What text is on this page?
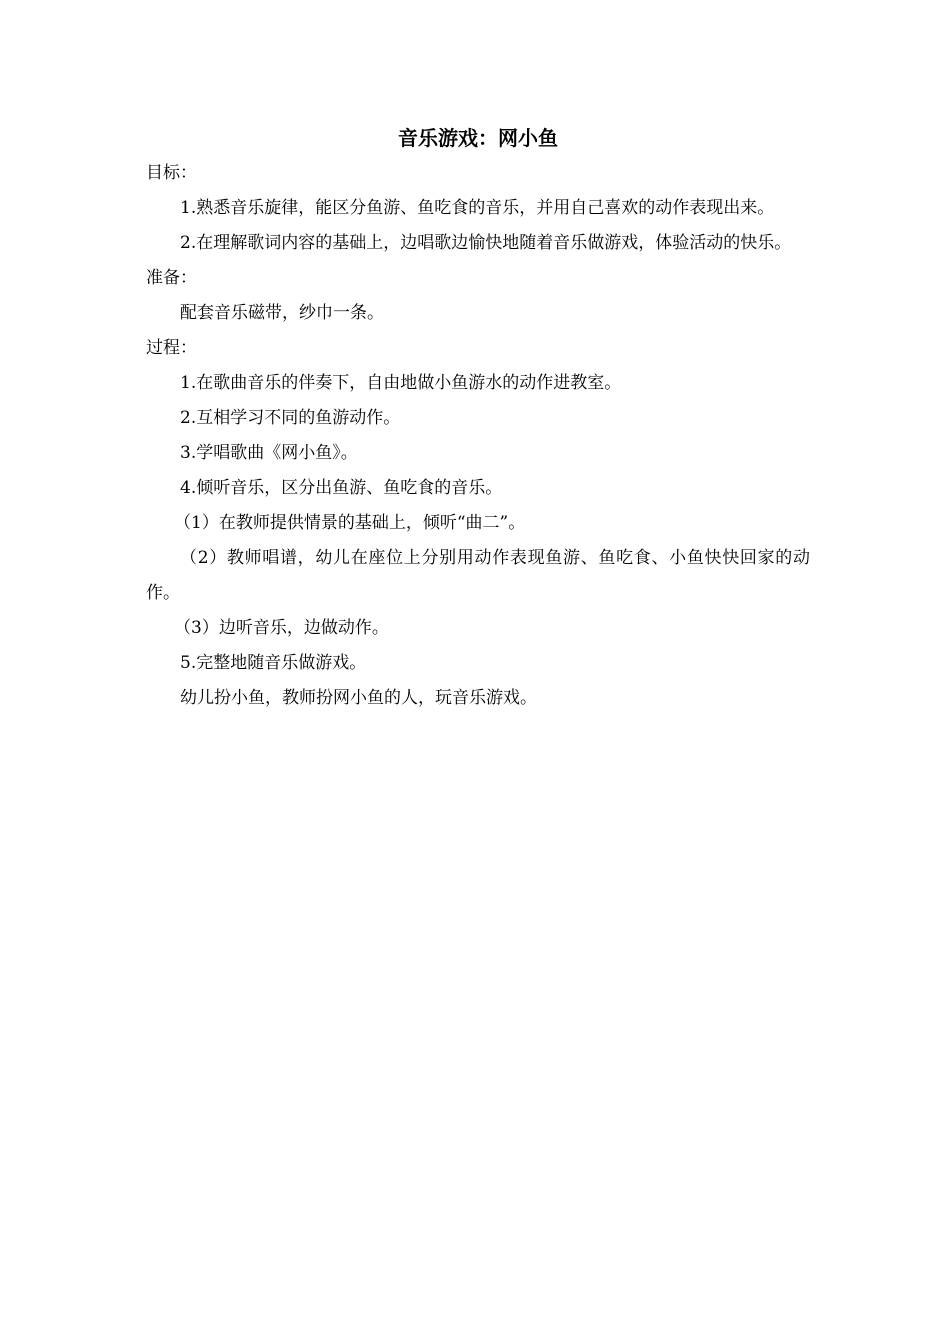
音乐游戏：网小鱼

目标：

1.熟悉音乐旋律，能区分鱼游、鱼吃食的音乐，并用自己喜欢的动作表现出来。

2.在理解歌词内容的基础上，边唱歌边愉快地随着音乐做游戏，体验活动的快乐。

准备：

配套音乐磁带，纱巾一条。

过程：

1.在歌曲音乐的伴奏下，自由地做小鱼游水的动作进教室。

2.互相学习不同的鱼游动作。

3.学唱歌曲《网小鱼》。

4.倾听音乐，区分出鱼游、鱼吃食的音乐。

（1）在教师提供情景的基础上，倾听“曲二”。

（2）教师唱谱，幼儿在座位上分别用动作表现鱼游、鱼吃食、小鱼快快回家的动作。

（3）边听音乐，边做动作。

5.完整地随音乐做游戏。

幼儿扮小鱼，教师扮网小鱼的人，玩音乐游戏。
